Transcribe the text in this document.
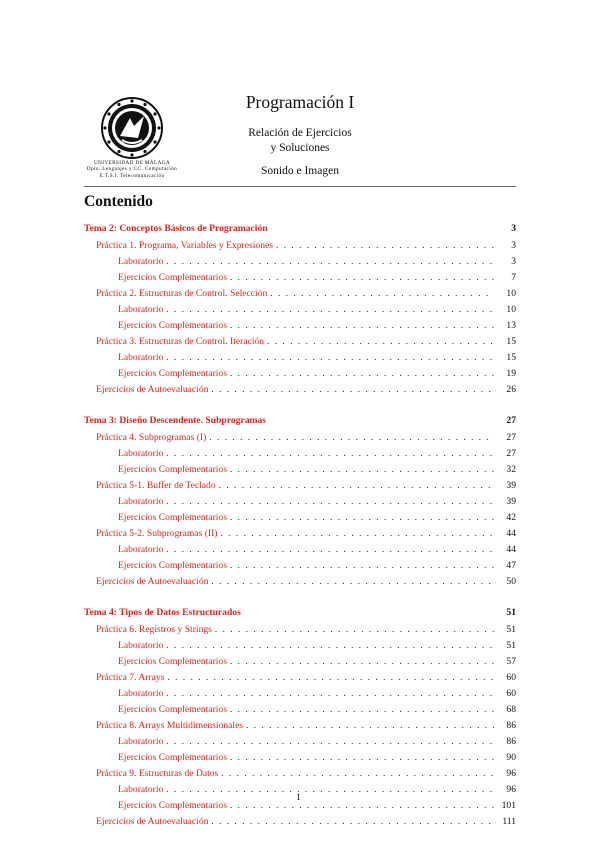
UNIVERSIDAD DE MÁLAGA
Dpto. Lenguajes y CC. Computación
E.T.S.I. Telecomunicación
Programación I
Relación de Ejercicios
y Soluciones
Sonido e Imagen
Contenido
Tema 2: Conceptos Básicos de Programación	3
Práctica 1. Programa, Variables y Expresiones . . .	3
Laboratorio . . .	3
Ejercicios Complementarios . . .	7
Práctica 2. Estructuras de Control. Selección . . .	10
Laboratorio . . .	10
Ejercicios Complementarios . . .	13
Práctica 3. Estructuras de Control. Iteración . . .	15
Laboratorio . . .	15
Ejercicios Complementarios . . .	19
Ejercicios de Autoevaluación . . .	26
Tema 3: Diseño Descendente. Subprogramas	27
Práctica 4. Subprogramas (I) . . .	27
Laboratorio . . .	27
Ejercicios Complementarios . . .	32
Práctica 5-1. Buffer de Teclado . . .	39
Laboratorio . . .	39
Ejercicios Complementarios . . .	42
Práctica 5-2. Subprogramas (II) . . .	44
Laboratorio . . .	44
Ejercicios Complementarios . . .	47
Ejercicios de Autoevaluación . . .	50
Tema 4: Tipos de Datos Estructurados	51
Práctica 6. Registros y Strings . . .	51
Laboratorio . . .	51
Ejercicios Complementarios . . .	57
Práctica 7. Arrays . . .	60
Laboratorio . . .	60
Ejercicios Complementarios . . .	68
Práctica 8. Arrays Multidimensionales . . .	86
Laboratorio . . .	86
Ejercicios Complementarios . . .	90
Práctica 9. Estructuras de Datos . . .	96
Laboratorio . . .	96
Ejercicios Complementarios . . .	101
Ejercicios de Autoevaluación . . .	111
1
